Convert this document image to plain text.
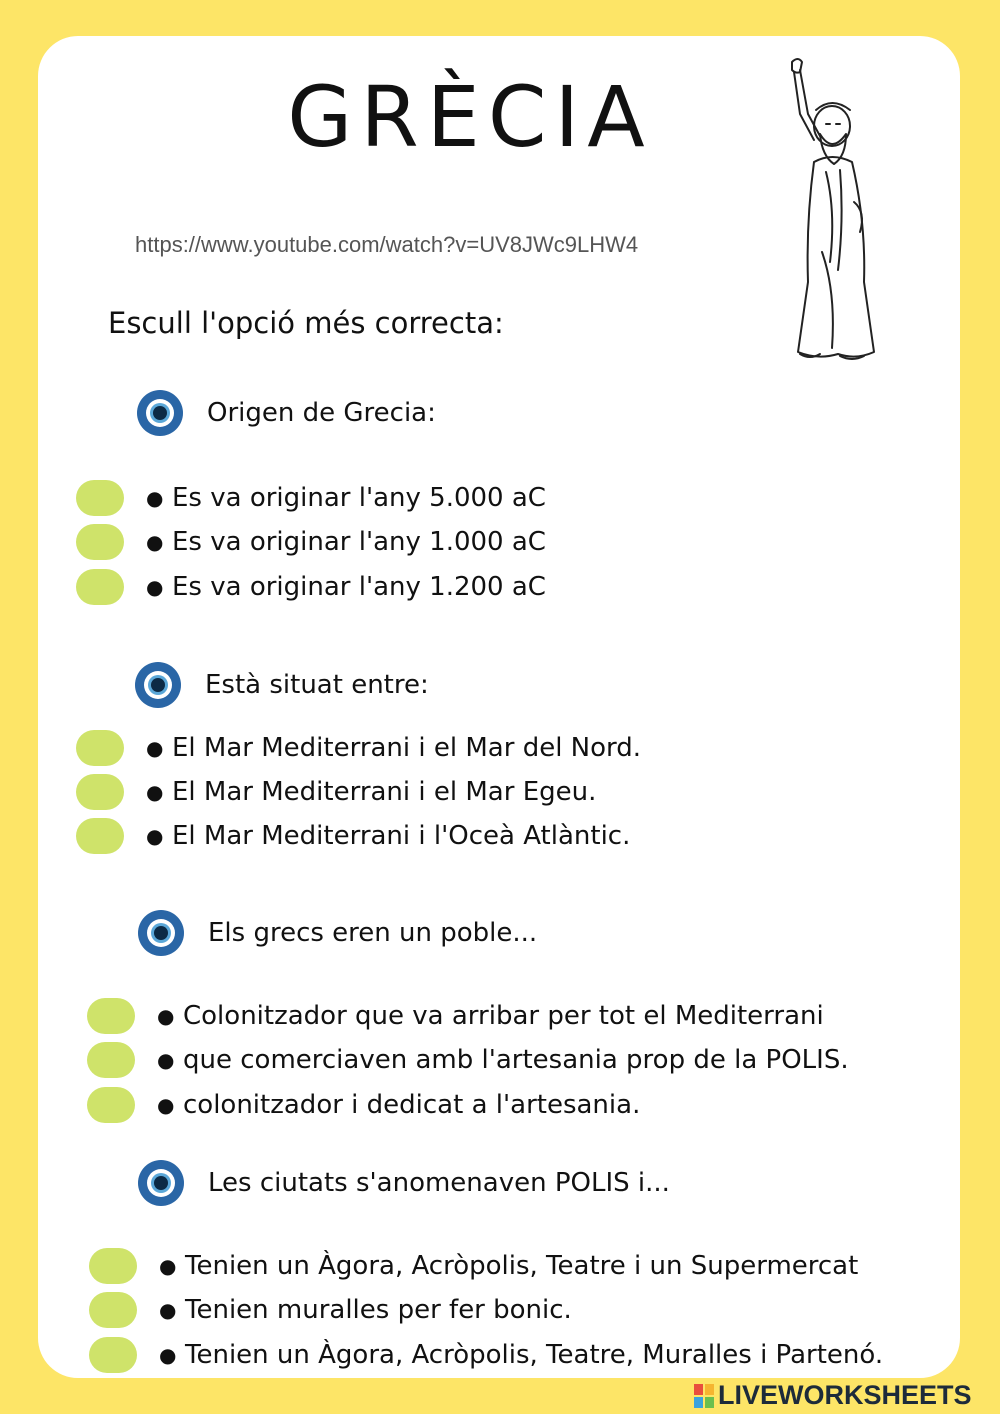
GRÈCIA
https://www.youtube.com/watch?v=UV8JWc9LHW4
Escull l'opció més correcta:
Origen de Grecia:
● Es va originar l'any 5.000 aC
● Es va originar l'any 1.000 aC
● Es va originar l'any 1.200 aC
Està situat entre:
● El Mar Mediterrani i el Mar del Nord.
● El Mar Mediterrani i el Mar Egeu.
● El Mar Mediterrani i l'Oceà Atlàntic.
Els grecs eren un poble...
● Colonitzador que va arribar per tot el Mediterrani
● que comerciaven amb l'artesania prop de la POLIS.
● colonitzador i dedicat a l'artesania.
Les ciutats s'anomenaven POLIS i...
● Tenien un Àgora, Acròpolis, Teatre i un Supermercat
● Tenien muralles per fer bonic.
● Tenien un Àgora, Acròpolis, Teatre, Muralles i Partenó.
LIVEWORKSHEETS
